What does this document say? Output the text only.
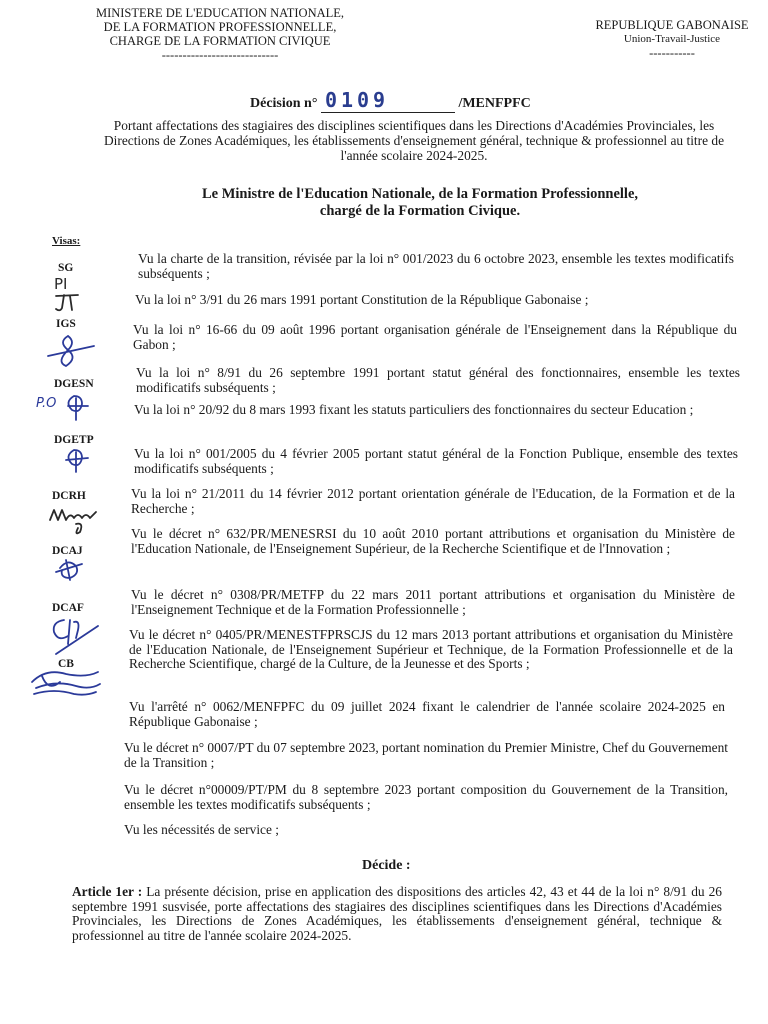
MINISTERE DE L'EDUCATION NATIONALE,
DE LA FORMATION PROFESSIONNELLE,
CHARGE DE LA FORMATION CIVIQUE
----------------------------
REPUBLIQUE GABONAISE
Union-Travail-Justice
-----------
Décision n° 0109	/MENFPFC
Portant affectations des stagiaires des disciplines scientifiques dans les Directions d'Académies Provinciales, les Directions de Zones Académiques, les établissements d'enseignement général, technique & professionnel au titre de l'année scolaire 2024-2025.
Le Ministre de l'Education Nationale, de la Formation Professionnelle,
chargé de la Formation Civique.
Visas:
SG
PI
IGS
DGESN
P.O
DGETP
DCRH
DCAJ
DCAF
CB
Vu la charte de la transition, révisée par la loi n° 001/2023 du 6 octobre 2023, ensemble les textes modificatifs subséquents ;
Vu la loi n° 3/91 du 26 mars 1991 portant Constitution de la République Gabonaise ;
Vu la loi n° 16-66 du 09 août 1996 portant organisation générale de l'Enseignement dans la République du Gabon ;
Vu la loi n° 8/91 du 26 septembre 1991 portant statut général des fonctionnaires, ensemble les textes modificatifs subséquents ;
Vu la loi n° 20/92 du 8 mars 1993 fixant les statuts particuliers des fonctionnaires du secteur Education ;
Vu la loi n° 001/2005 du 4 février 2005 portant statut général de la Fonction Publique, ensemble des textes modificatifs subséquents ;
Vu la loi n° 21/2011 du 14 février 2012 portant orientation générale de l'Education, de la Formation et de la Recherche ;
Vu le décret n° 632/PR/MENESRSI du 10 août 2010 portant attributions et organisation du Ministère de l'Education Nationale, de l'Enseignement Supérieur, de la Recherche Scientifique et de l'Innovation ;
Vu le décret n° 0308/PR/METFP du 22 mars 2011 portant attributions et organisation du Ministère de l'Enseignement Technique et de la Formation Professionnelle ;
Vu le décret n° 0405/PR/MENESTFPRSCJS du 12 mars 2013 portant attributions et organisation du Ministère de l'Education Nationale, de l'Enseignement Supérieur et Technique, de la Formation Professionnelle et de la Recherche Scientifique, chargé de la Culture, de la Jeunesse et des Sports ;
Vu l'arrêté n° 0062/MENFPFC du 09 juillet 2024 fixant le calendrier de l'année scolaire 2024-2025 en République Gabonaise ;
Vu le décret n° 0007/PT du 07 septembre 2023, portant nomination du Premier Ministre, Chef du Gouvernement de la Transition ;
Vu le décret n°00009/PT/PM du 8 septembre 2023 portant composition du Gouvernement de la Transition, ensemble les textes modificatifs subséquents ;
Vu les nécessités de service ;
Décide :
Article 1er : La présente décision, prise en application des dispositions des articles 42, 43 et 44 de la loi n° 8/91 du 26 septembre 1991 susvisée, porte affectations des stagiaires des disciplines scientifiques dans les Directions d'Académies Provinciales, les Directions de Zones Académiques, les établissements d'enseignement général, technique & professionnel au titre de l'année scolaire 2024-2025.
